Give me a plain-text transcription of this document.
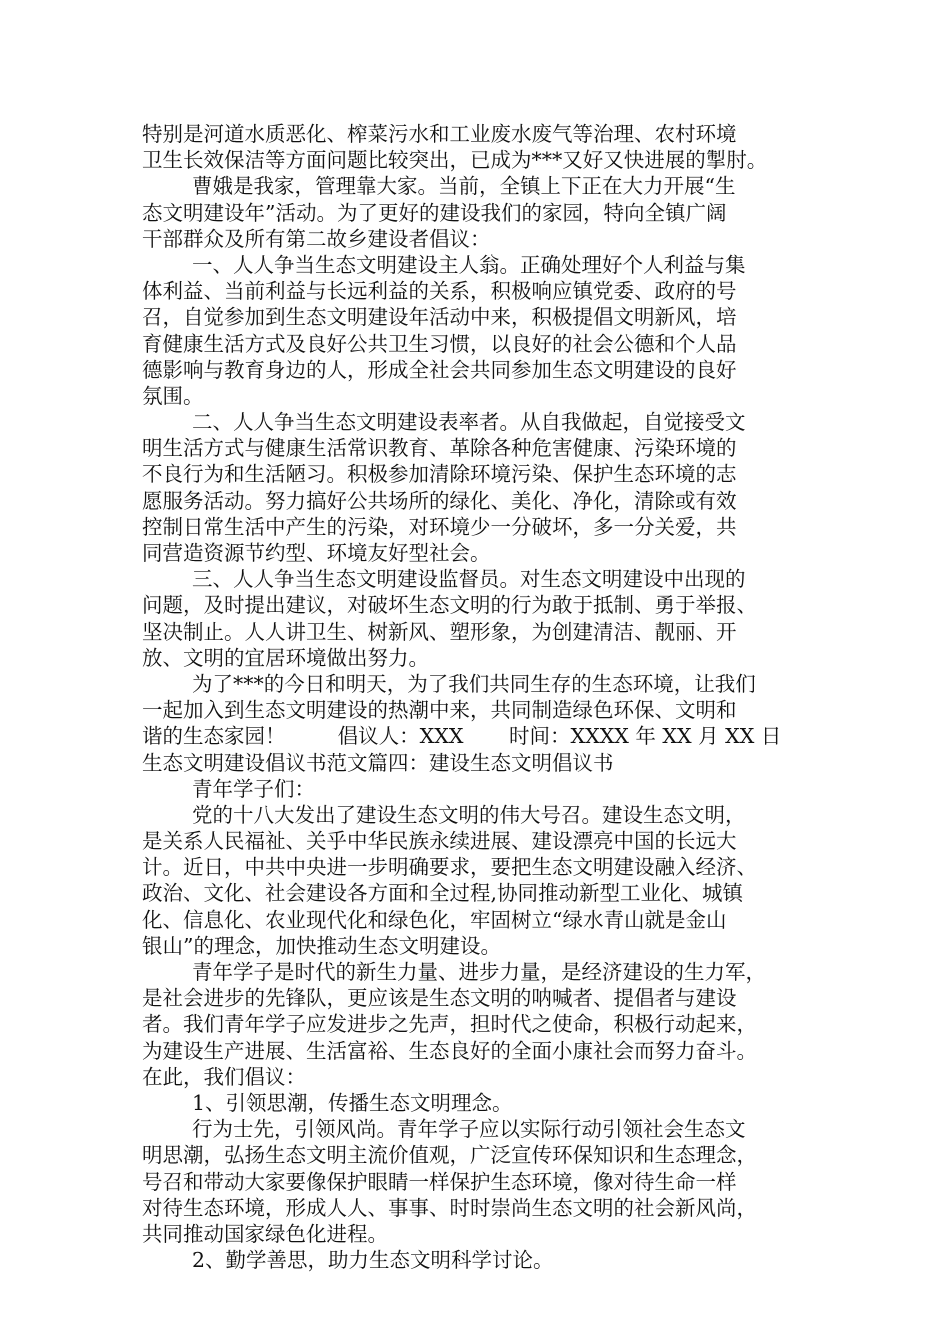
特别是河道水质恶化、榨菜污水和工业废水废气等治理、农村环境
卫生长效保洁等方面问题比较突出，已成为***又好又快进展的掣肘。
曹娥是我家，管理靠大家。当前，全镇上下正在大力开展“生
态文明建设年”活动。为了更好的建设我们的家园，特向全镇广阔
干部群众及所有第二故乡建设者倡议：
一、人人争当生态文明建设主人翁。正确处理好个人利益与集
体利益、当前利益与长远利益的关系，积极响应镇党委、政府的号
召，自觉参加到生态文明建设年活动中来，积极提倡文明新风，培
育健康生活方式及良好公共卫生习惯，以良好的社会公德和个人品
德影响与教育身边的人，形成全社会共同参加生态文明建设的良好
氛围。
二、人人争当生态文明建设表率者。从自我做起，自觉接受文
明生活方式与健康生活常识教育、革除各种危害健康、污染环境的
不良行为和生活陋习。积极参加清除环境污染、保护生态环境的志
愿服务活动。努力搞好公共场所的绿化、美化、净化，清除或有效
控制日常生活中产生的污染，对环境少一分破坏，多一分关爱，共
同营造资源节约型、环境友好型社会。
三、人人争当生态文明建设监督员。对生态文明建设中出现的
问题，及时提出建议，对破坏生态文明的行为敢于抵制、勇于举报、
坚决制止。人人讲卫生、树新风、塑形象，为创建清洁、靓丽、开
放、文明的宜居环境做出努力。
为了***的今日和明天，为了我们共同生存的生态环境，让我们
一起加入到生态文明建设的热潮中来，共同制造绿色环保、文明和
谐的生态家园！        倡议人：XXX       时间：XXXX 年 XX 月 XX 日
生态文明建设倡议书范文篇四：建设生态文明倡议书
青年学子们：
党的十八大发出了建设生态文明的伟大号召。建设生态文明，
是关系人民福祉、关乎中华民族永续进展、建设漂亮中国的长远大
计。近日，中共中央进一步明确要求，要把生态文明建设融入经济、
政治、文化、社会建设各方面和全过程,协同推动新型工业化、城镇
化、信息化、农业现代化和绿色化，牢固树立“绿水青山就是金山
银山”的理念，加快推动生态文明建设。
青年学子是时代的新生力量、进步力量，是经济建设的生力军，
是社会进步的先锋队，更应该是生态文明的呐喊者、提倡者与建设
者。我们青年学子应发进步之先声，担时代之使命，积极行动起来，
为建设生产进展、生活富裕、生态良好的全面小康社会而努力奋斗。
在此，我们倡议：
1、引领思潮，传播生态文明理念。
行为士先，引领风尚。青年学子应以实际行动引领社会生态文
明思潮，弘扬生态文明主流价值观，广泛宣传环保知识和生态理念，
号召和带动大家要像保护眼睛一样保护生态环境，像对待生命一样
对待生态环境，形成人人、事事、时时崇尚生态文明的社会新风尚，
共同推动国家绿色化进程。
2、勤学善思，助力生态文明科学讨论。
